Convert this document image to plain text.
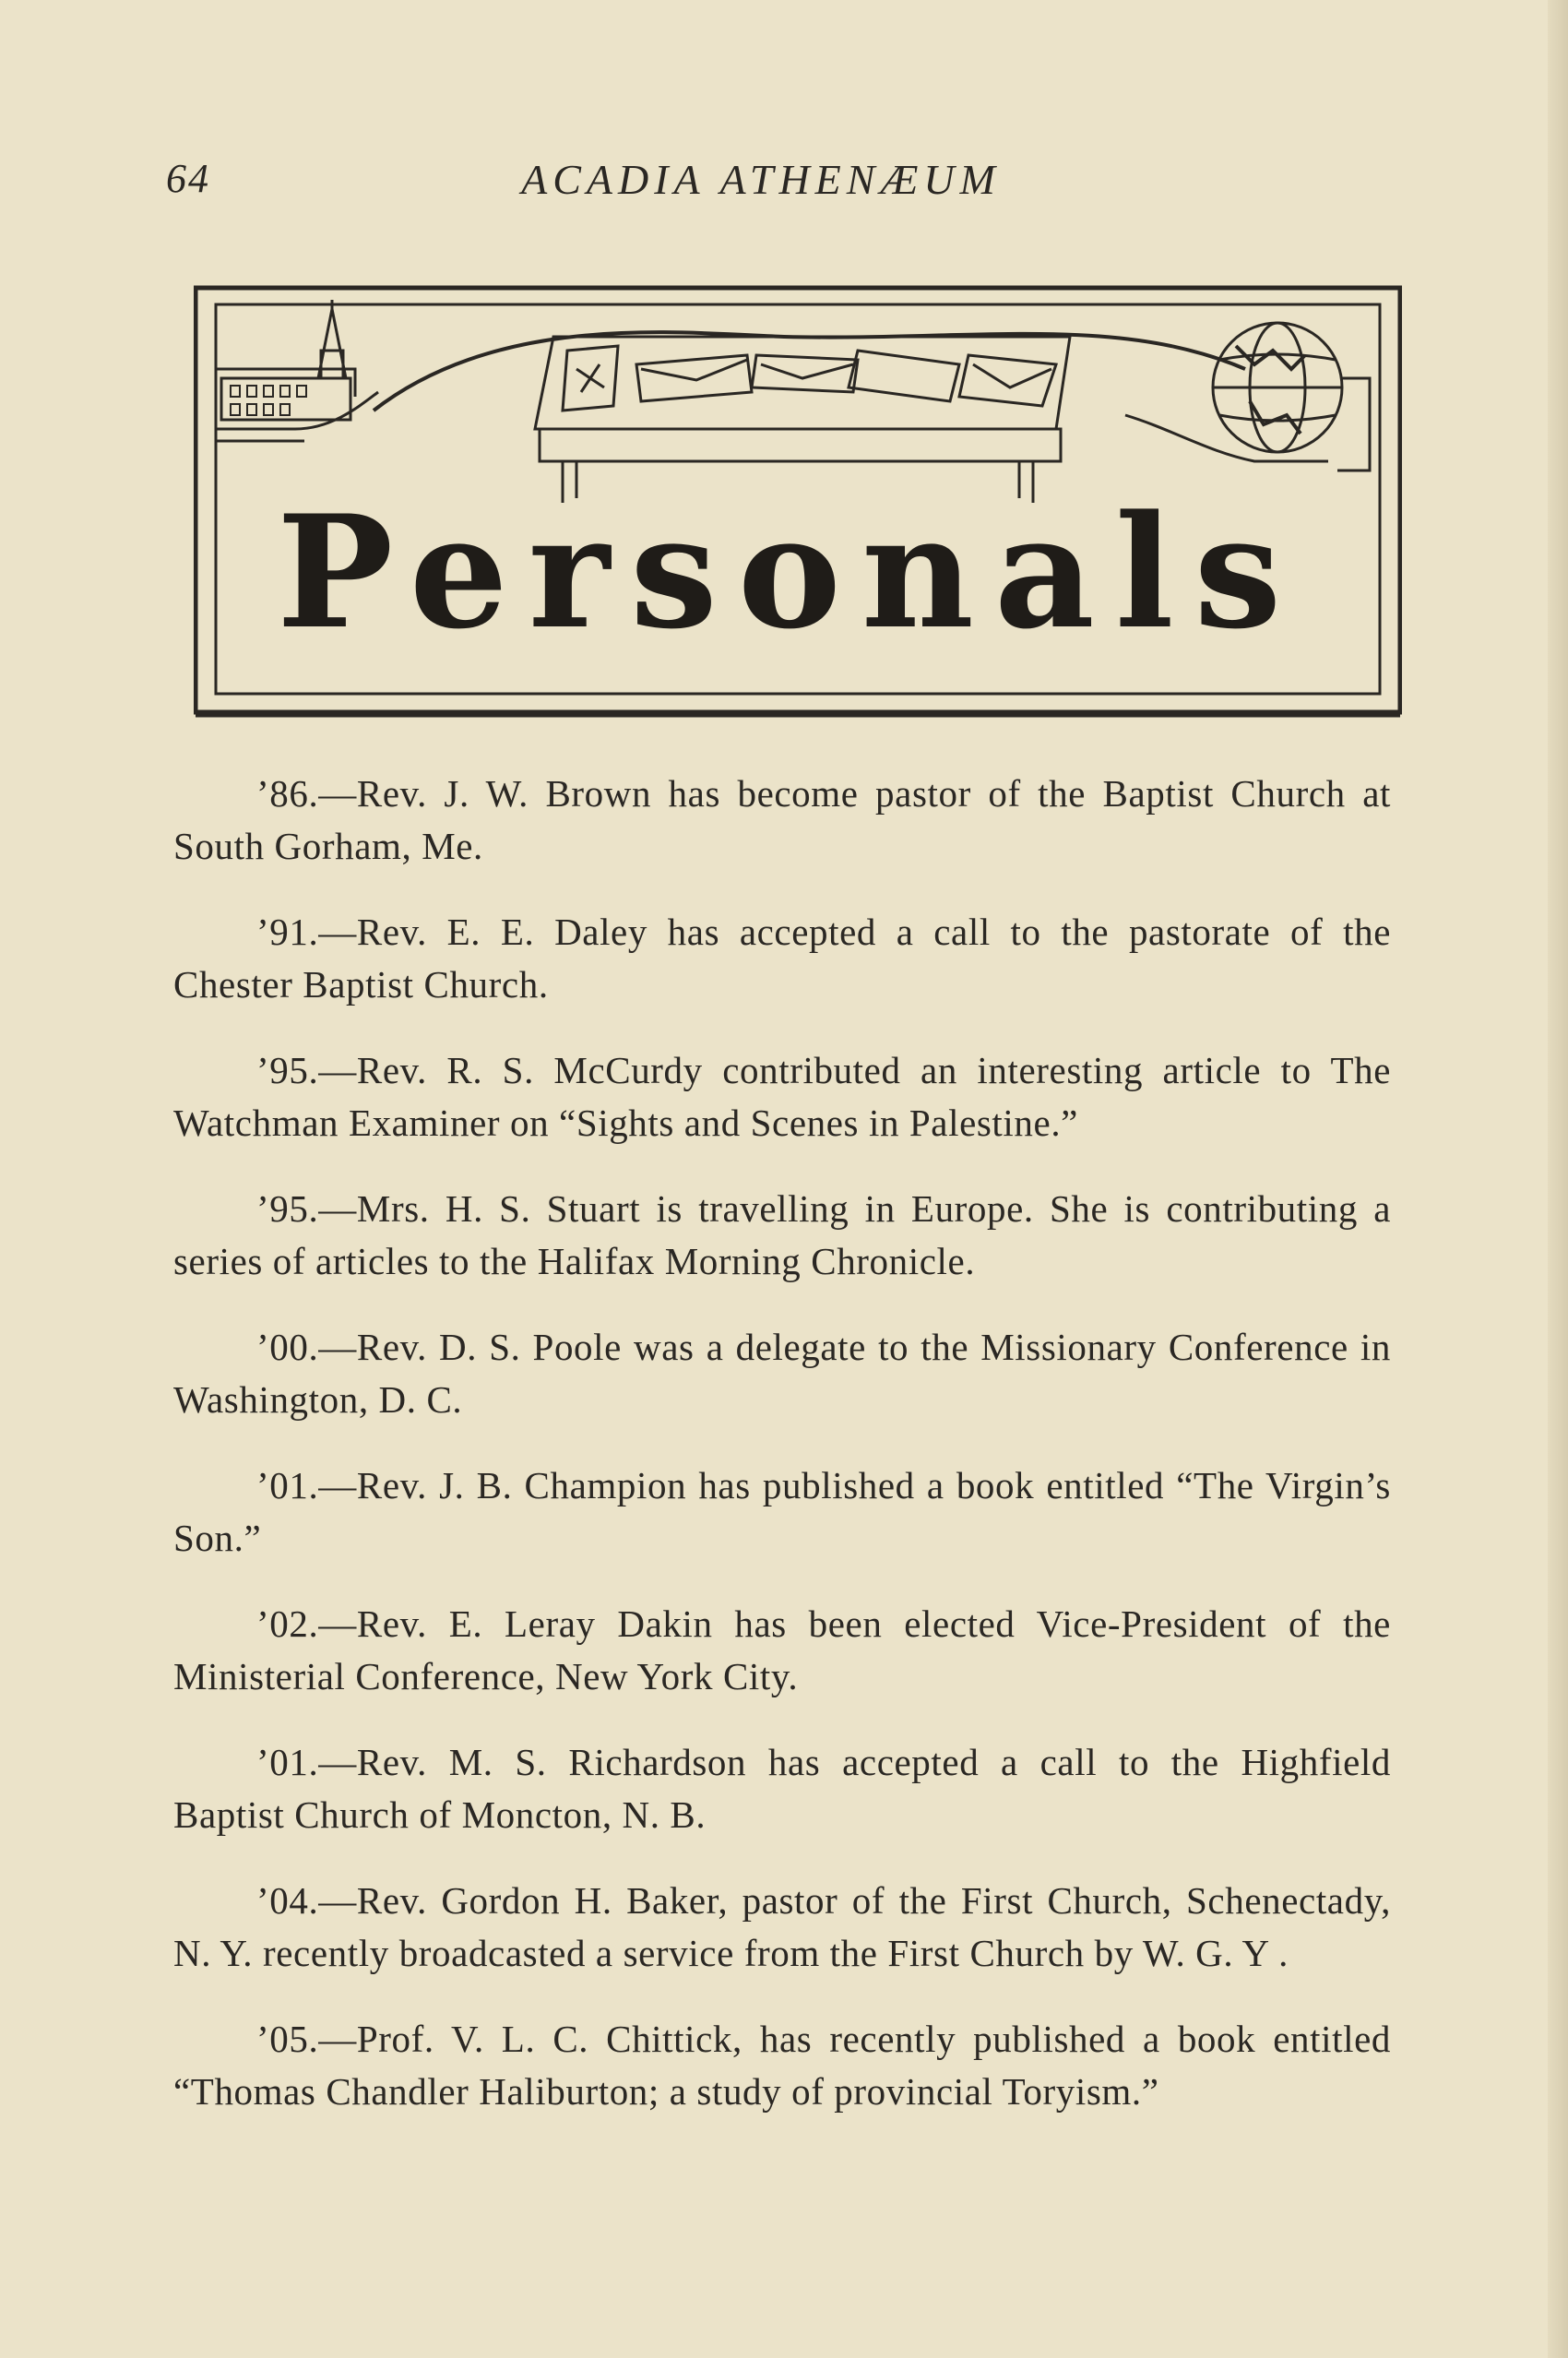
64	ACADIA ATHENÆUM
Personals

’86.—Rev. J. W. Brown has become pastor of the Baptist Church at South Gorham, Me.

’91.—Rev. E. E. Daley has accepted a call to the pastorate of the Chester Baptist Church.

’95.—Rev. R. S. McCurdy contributed an interesting article to The Watchman Examiner on “Sights and Scenes in Palestine.”

’95.—Mrs. H. S. Stuart is travelling in Europe. She is contributing a series of articles to the Halifax Morning Chronicle.

’00.—Rev. D. S. Poole was a delegate to the Missionary Conference in Washington, D. C.

’01.—Rev. J. B. Champion has published a book entitled “The Virgin’s Son.”

’02.—Rev. E. Leray Dakin has been elected Vice-President of the Ministerial Conference, New York City.

’01.—Rev. M. S. Richardson has accepted a call to the Highfield Baptist Church of Moncton, N. B.

’04.—Rev. Gordon H. Baker, pastor of the First Church, Schenectady, N. Y. recently broadcasted a service from the First Church by W. G. Y .

’05.—Prof. V. L. C. Chittick, has recently published a book entitled “Thomas Chandler Haliburton; a study of provincial Toryism.”
